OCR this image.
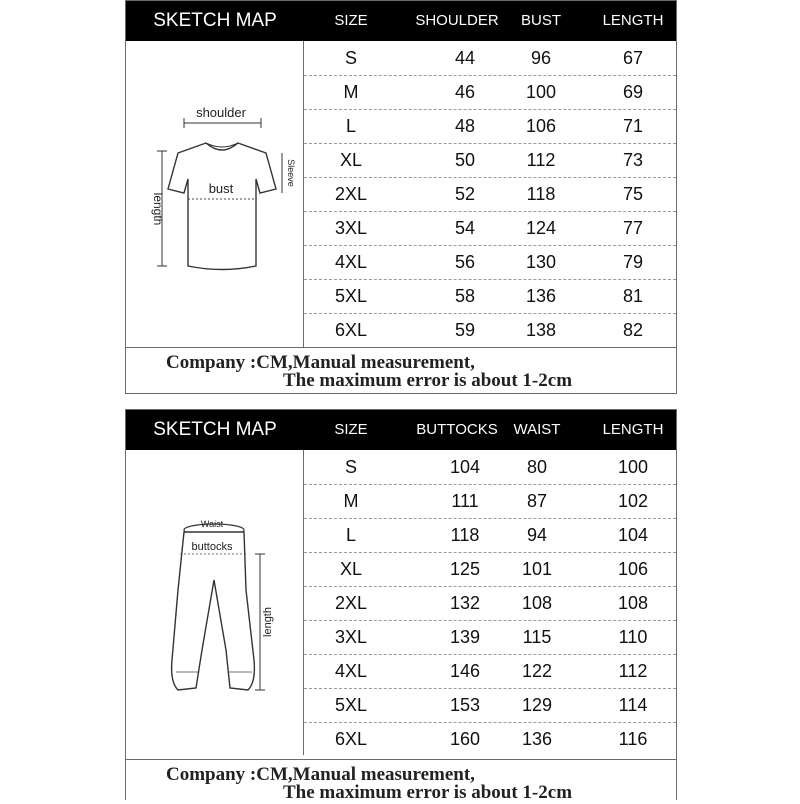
SKETCH MAP	SIZE	SHOULDER	BUST	LENGTH
shoulder
bust
length
Sleeve
S	44	96	67
M	46	100	69
L	48	106	71
XL	50	112	73
2XL	52	118	75
3XL	54	124	77
4XL	56	130	79
5XL	58	136	81
6XL	59	138	82
Company :CM,Manual measurement,
The maximum error is about 1-2cm
SKETCH MAP	SIZE	BUTTOCKS	WAIST	LENGTH
Waist
buttocks
length
S	104	80	100
M	111	87	102
L	118	94	104
XL	125	101	106
2XL	132	108	108
3XL	139	115	110
4XL	146	122	112
5XL	153	129	114
6XL	160	136	116
Company :CM,Manual measurement,
The maximum error is about 1-2cm
